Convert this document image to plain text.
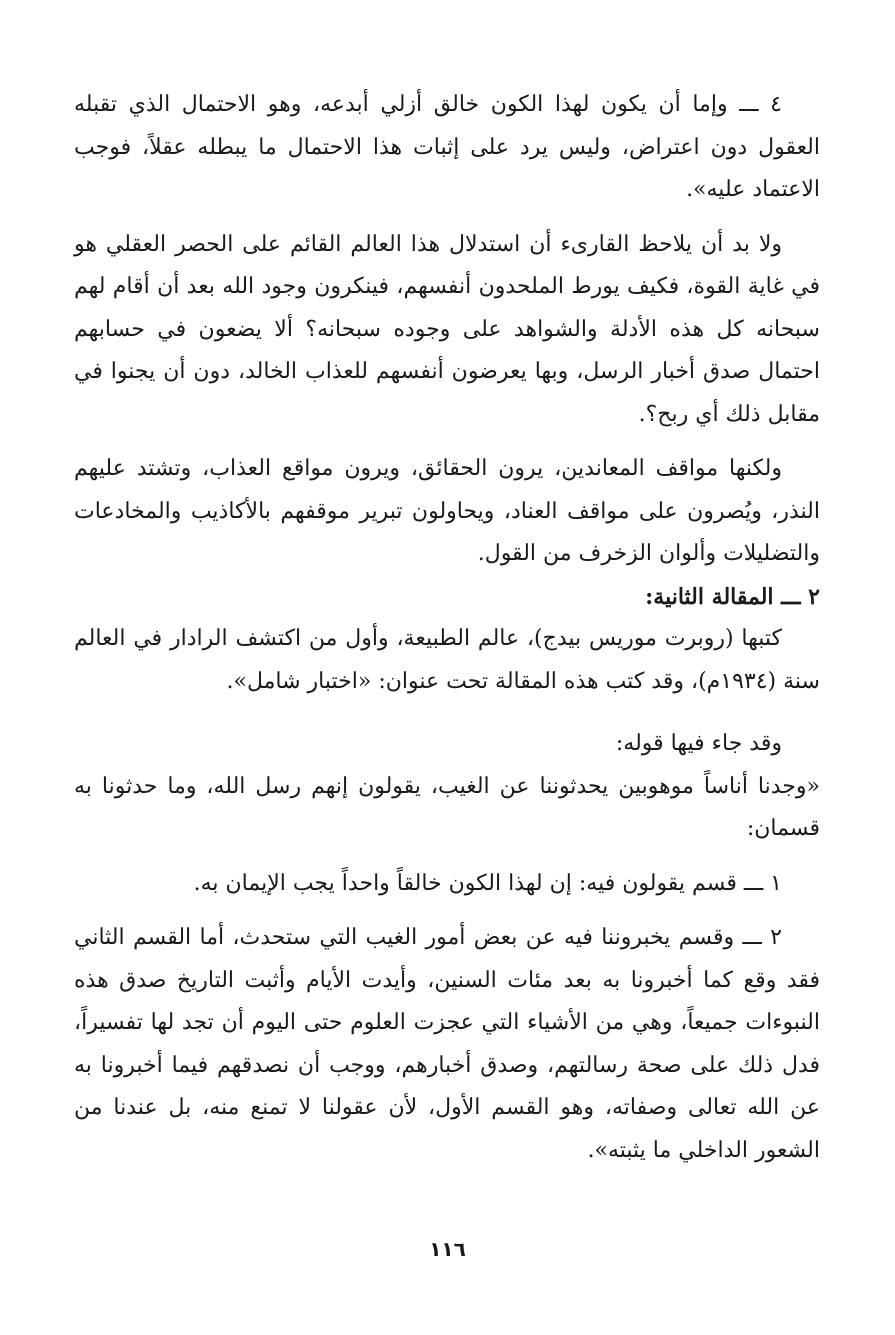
٤ ـــ وإما أن يكون لهذا الكون خالق أزلي أبدعه، وهو الاحتمال الذي تقبله العقول دون اعتراض، وليس يرد على إثبات هذا الاحتمال ما يبطله عقلاً، فوجب الاعتماد عليه».

ولا بد أن يلاحظ القارىء أن استدلال هذا العالم القائم على الحصر العقلي هو في غاية القوة، فكيف يورط الملحدون أنفسهم، فينكرون وجود الله بعد أن أقام لهم سبحانه كل هذه الأدلة والشواهد على وجوده سبحانه؟ ألا يضعون في حسابهم احتمال صدق أخبار الرسل، وبها يعرضون أنفسهم للعذاب الخالد، دون أن يجنوا في مقابل ذلك أي ربح؟.

ولكنها مواقف المعاندين، يرون الحقائق، ويرون مواقع العذاب، وتشتد عليهم النذر، ويُصرون على مواقف العناد، ويحاولون تبرير موقفهم بالأكاذيب والمخادعات والتضليلات وألوان الزخرف من القول.

٢ ـــ المقالة الثانية:

كتبها (روبرت موريس بيدج)، عالم الطبيعة، وأول من اكتشف الرادار في العالم سنة (١٩٣٤م)، وقد كتب هذه المقالة تحت عنوان: «اختبار شامل».

وقد جاء فيها قوله:

«وجدنا أناساً موهوبين يحدثوننا عن الغيب، يقولون إنهم رسل الله، وما حدثونا به قسمان:

١ ـــ قسم يقولون فيه: إن لهذا الكون خالقاً واحداً يجب الإيمان به.

٢ ـــ وقسم يخبروننا فيه عن بعض أمور الغيب التي ستحدث، أما القسم الثاني فقد وقع كما أخبرونا به بعد مئات السنين، وأيدت الأيام وأثبت التاريخ صدق هذه النبوءات جميعاً، وهي من الأشياء التي عجزت العلوم حتى اليوم أن تجد لها تفسيراً، فدل ذلك على صحة رسالتهم، وصدق أخبارهم، ووجب أن نصدقهم فيما أخبرونا به عن الله تعالى وصفاته، وهو القسم الأول، لأن عقولنا لا تمنع منه، بل عندنا من الشعور الداخلي ما يثبته».

١١٦
